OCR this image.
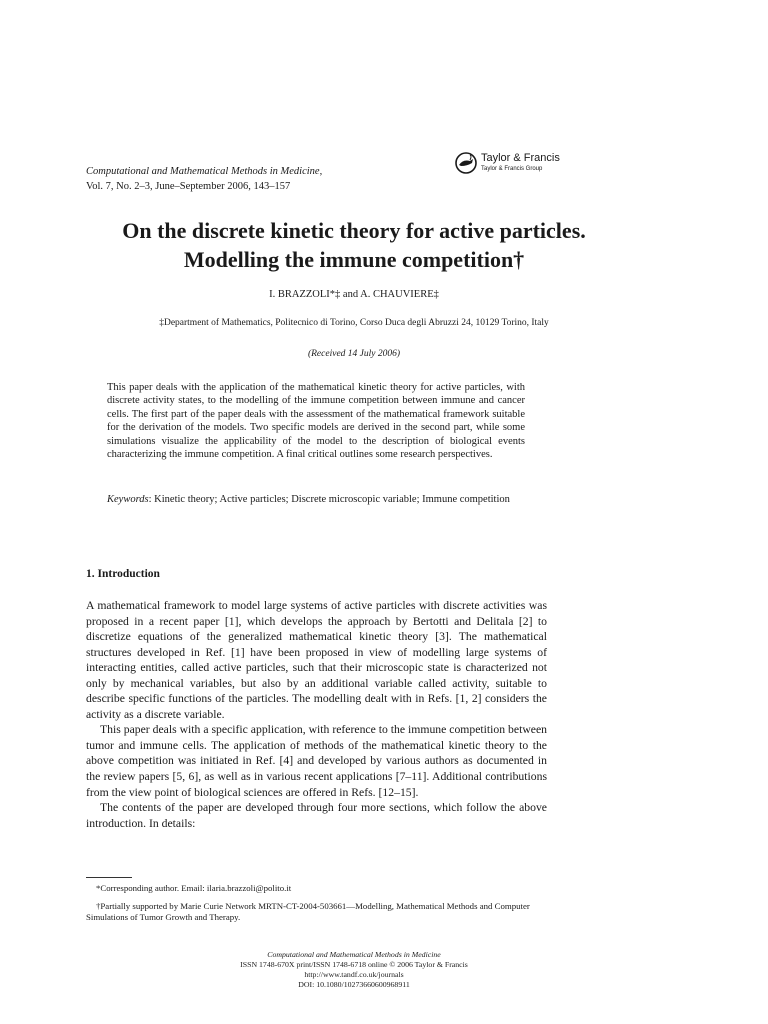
Computational and Mathematical Methods in Medicine,
Vol. 7, No. 2–3, June–September 2006, 143–157
Taylor & Francis
Taylor & Francis Group
On the discrete kinetic theory for active particles. Modelling the immune competition†
I. BRAZZOLI*‡ and A. CHAUVIERE‡
‡Department of Mathematics, Politecnico di Torino, Corso Duca degli Abruzzi 24, 10129 Torino, Italy
(Received 14 July 2006)

This paper deals with the application of the mathematical kinetic theory for active particles, with discrete activity states, to the modelling of the immune competition between immune and cancer cells. The first part of the paper deals with the assessment of the mathematical framework suitable for the derivation of the models. Two specific models are derived in the second part, while some simulations visualize the applicability of the model to the description of biological events characterizing the immune competition. A final critical outlines some research perspectives.

Keywords: Kinetic theory; Active particles; Discrete microscopic variable; Immune competition

1. Introduction

A mathematical framework to model large systems of active particles with discrete activities was proposed in a recent paper [1], which develops the approach by Bertotti and Delitala [2] to discretize equations of the generalized mathematical kinetic theory [3]. The mathematical structures developed in Ref. [1] have been proposed in view of modelling large systems of interacting entities, called active particles, such that their microscopic state is characterized not only by mechanical variables, but also by an additional variable called activity, suitable to describe specific functions of the particles. The modelling dealt with in Refs. [1, 2] considers the activity as a discrete variable.

This paper deals with a specific application, with reference to the immune competition between tumor and immune cells. The application of methods of the mathematical kinetic theory to the above competition was initiated in Ref. [4] and developed by various authors as documented in the review papers [5, 6], as well as in various recent applications [7–11]. Additional contributions from the view point of biological sciences are offered in Refs. [12–15].

The contents of the paper are developed through four more sections, which follow the above introduction. In details:

*Corresponding author. Email: ilaria.brazzoli@polito.it

†Partially supported by Marie Curie Network MRTN-CT-2004-503661—Modelling, Mathematical Methods and Computer Simulations of Tumor Growth and Therapy.

Computational and Mathematical Methods in Medicine
ISSN 1748-670X print/ISSN 1748-6718 online © 2006 Taylor & Francis
http://www.tandf.co.uk/journals
DOI: 10.1080/10273660600968911
